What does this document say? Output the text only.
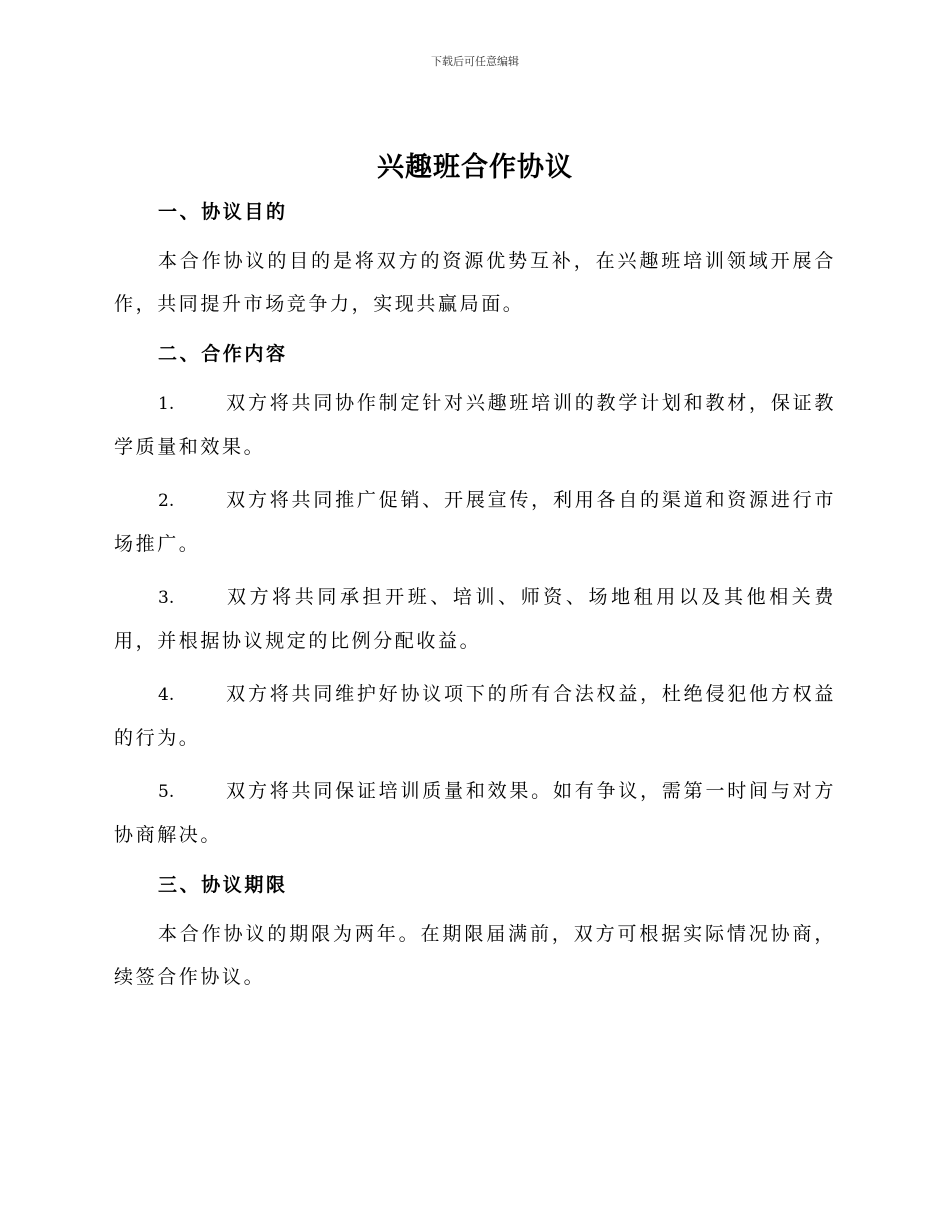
下载后可任意编辑
兴趣班合作协议
一、协议目的

本合作协议的目的是将双方的资源优势互补，在兴趣班培训领域开展合作，共同提升市场竞争力，实现共赢局面。

二、合作内容

1.	双方将共同协作制定针对兴趣班培训的教学计划和教材，保证教学质量和效果。

2.	双方将共同推广促销、开展宣传，利用各自的渠道和资源进行市场推广。

3.	双方将共同承担开班、培训、师资、场地租用以及其他相关费用，并根据协议规定的比例分配收益。

4.	双方将共同维护好协议项下的所有合法权益，杜绝侵犯他方权益的行为。

5.	双方将共同保证培训质量和效果。如有争议，需第一时间与对方协商解决。

三、协议期限

本合作协议的期限为两年。在期限届满前，双方可根据实际情况协商，续签合作协议。
